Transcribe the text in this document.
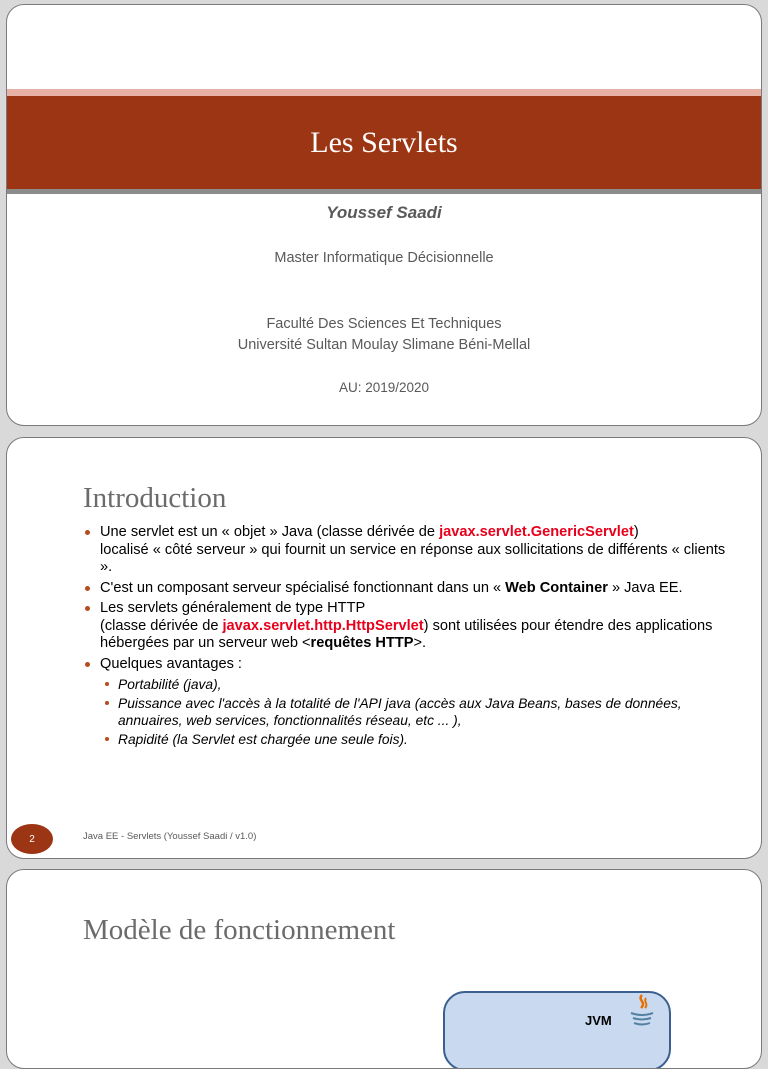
Les Servlets
Youssef Saadi
Master Informatique Décisionnelle
Faculté Des Sciences Et Techniques
Université Sultan Moulay Slimane Béni-Mellal
AU: 2019/2020
Introduction
Une servlet est un « objet » Java (classe dérivée de javax.servlet.GenericServlet)
localisé « côté serveur » qui fournit un service en réponse aux sollicitations de différents « clients ».
C'est un composant serveur spécialisé fonctionnant dans un « Web Container » Java EE.
Les servlets généralement de type HTTP
(classe dérivée de javax.servlet.http.HttpServlet) sont utilisées pour étendre des applications hébergées par un serveur web <requêtes HTTP>.
Quelques avantages :
Portabilité (java),
Puissance avec l'accès à la totalité de l'API java (accès aux Java Beans, bases de données, annuaires, web services, fonctionnalités réseau, etc ... ),
Rapidité (la Servlet est chargée une seule fois).
2	Java EE - Servlets (Youssef Saadi / v1.0)
Modèle de fonctionnement
JVM
